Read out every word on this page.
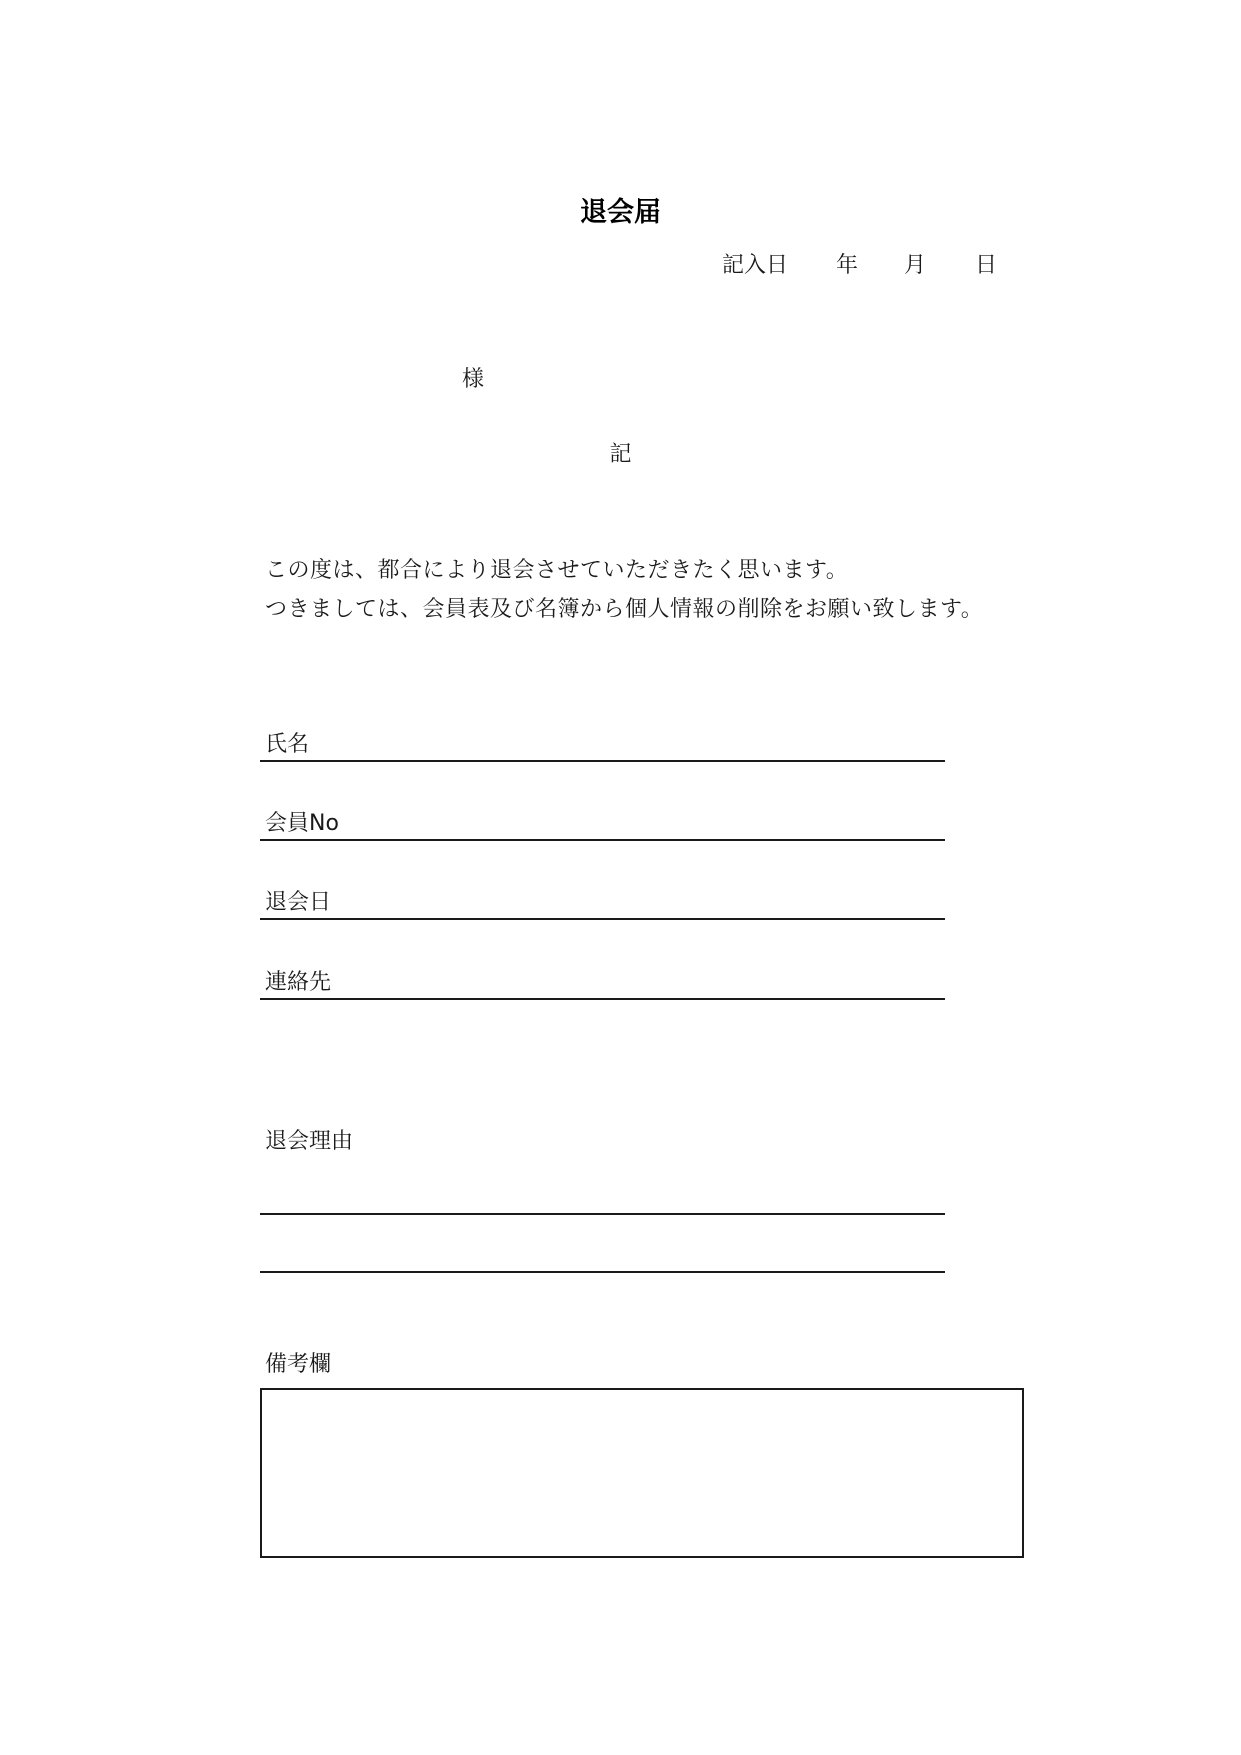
退会届
記入日 年 月 日
様
記
この度は、都合により退会させていただきたく思います。
つきましては、会員表及び名簿から個人情報の削除をお願い致します。
氏名
会員No
退会日
連絡先
退会理由
備考欄
